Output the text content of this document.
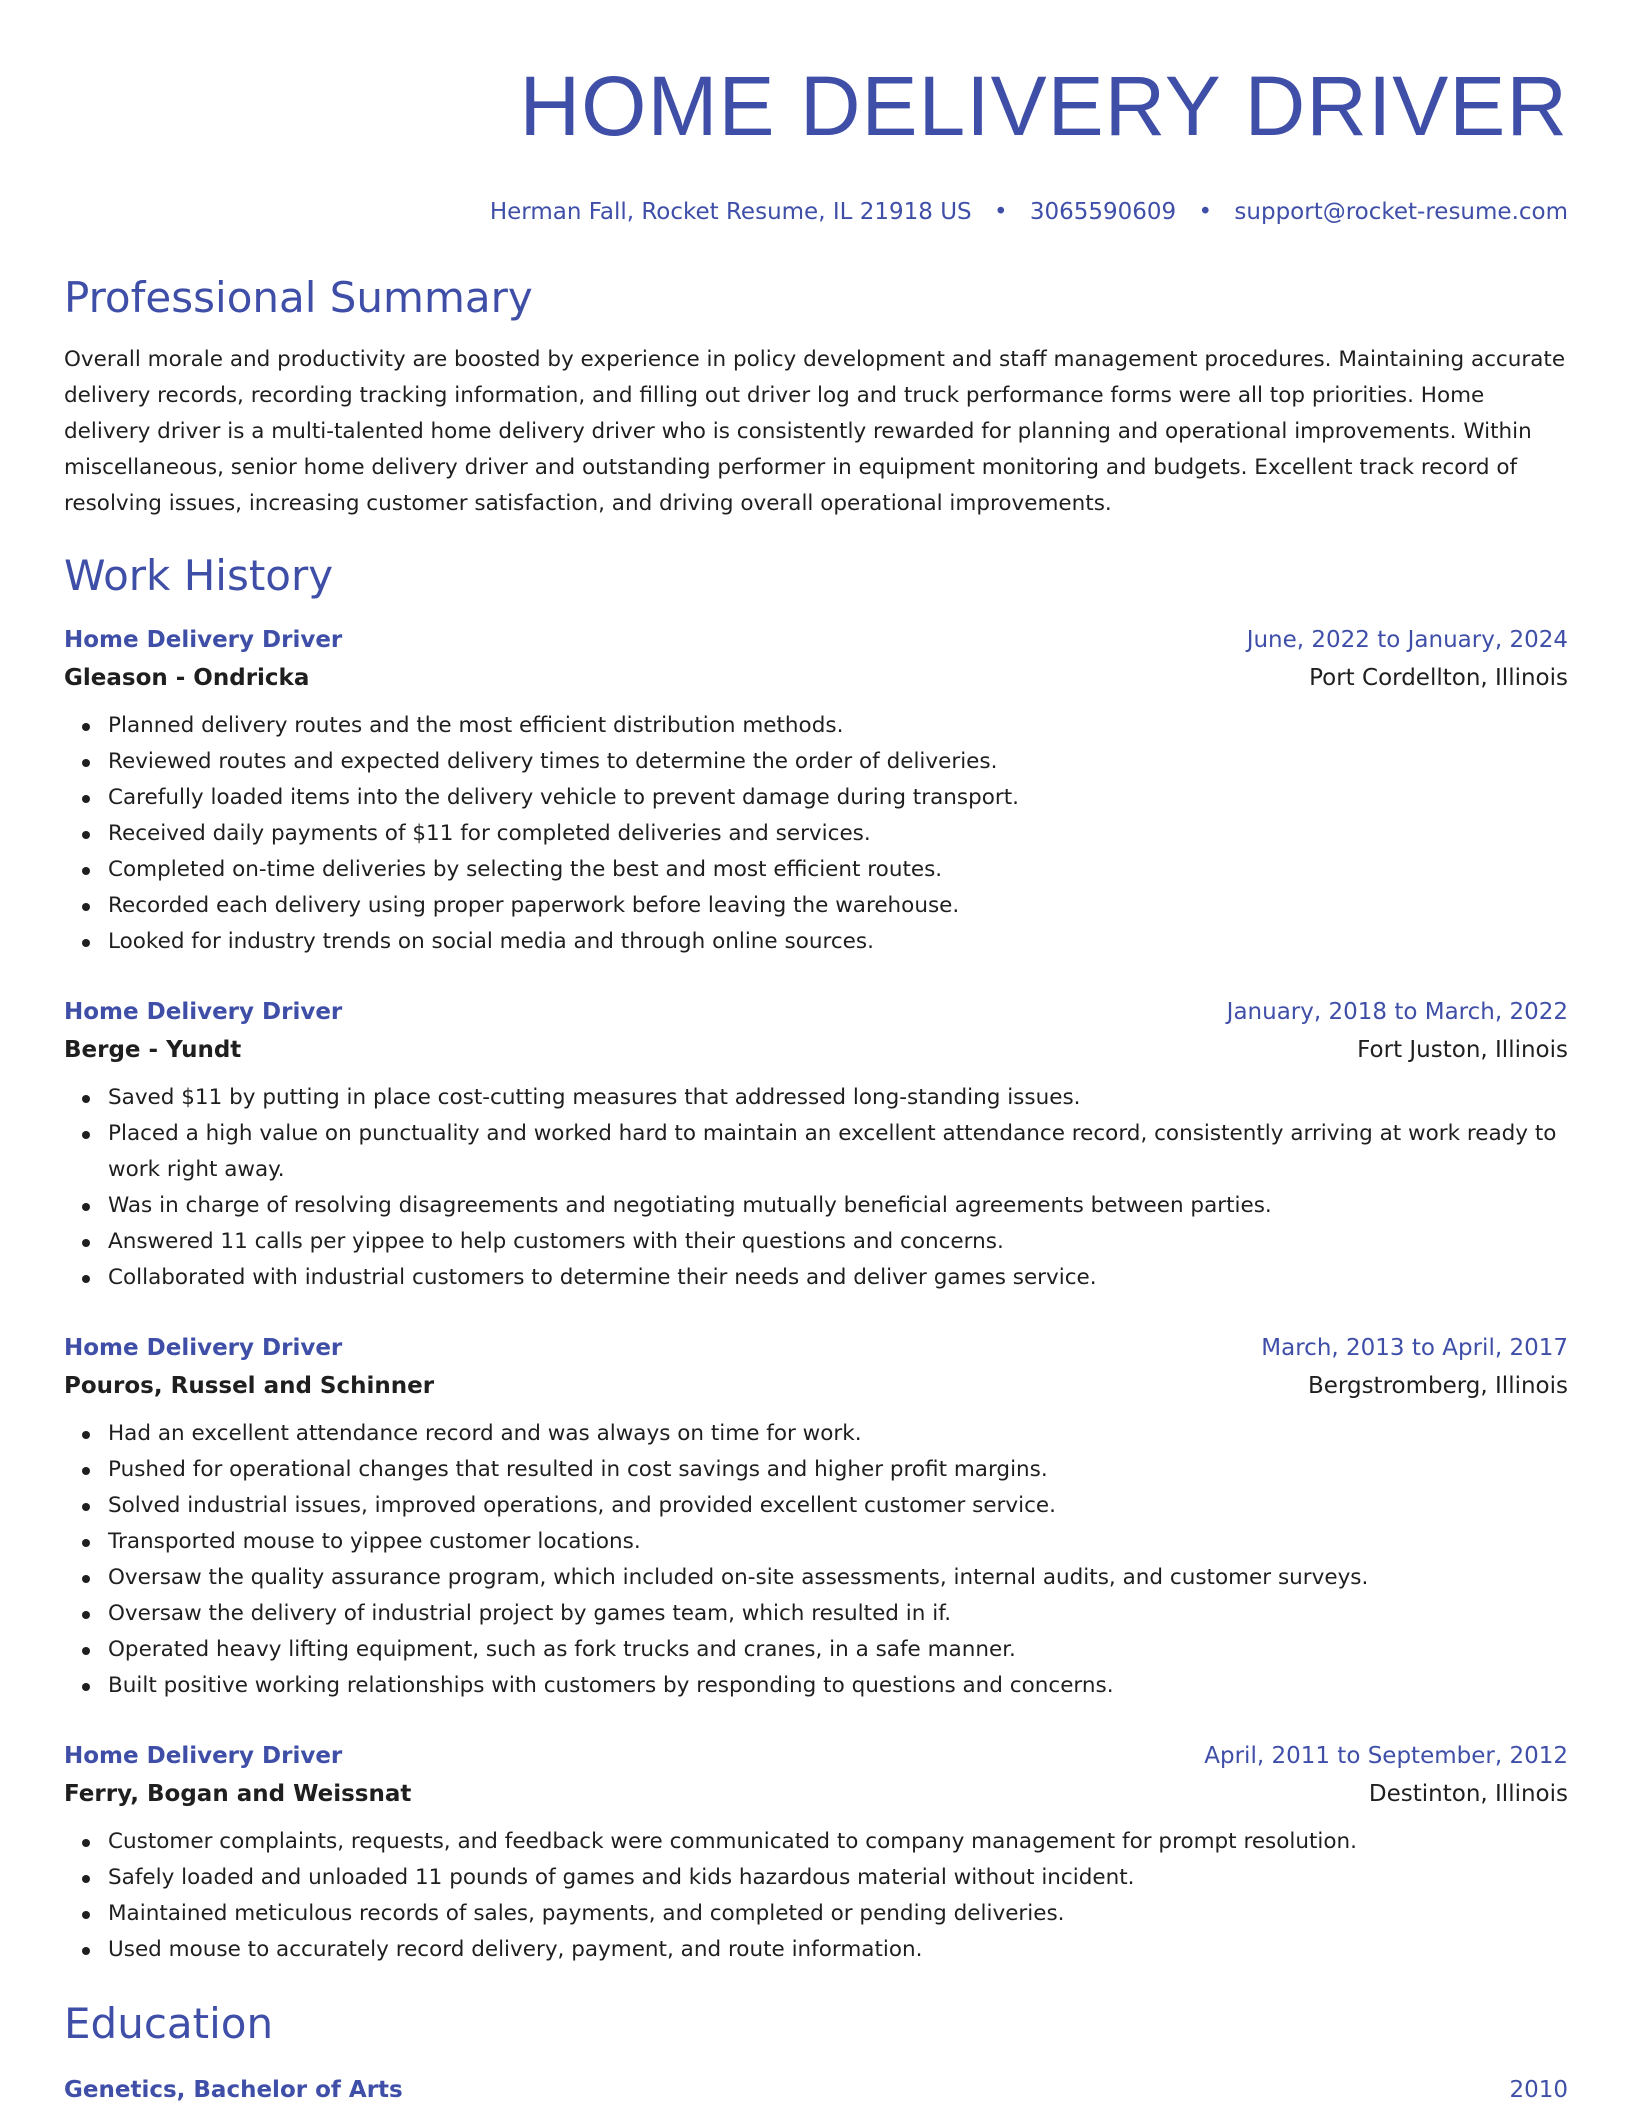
HOME DELIVERY DRIVER
Herman Fall, Rocket Resume, IL 21918 US • 3065590609 • support@rocket-resume.com
Professional Summary
Overall morale and productivity are boosted by experience in policy development and staff management procedures. Maintaining accurate delivery records, recording tracking information, and filling out driver log and truck performance forms were all top priorities. Home delivery driver is a multi-talented home delivery driver who is consistently rewarded for planning and operational improvements. Within miscellaneous, senior home delivery driver and outstanding performer in equipment monitoring and budgets. Excellent track record of resolving issues, increasing customer satisfaction, and driving overall operational improvements.
Work History
Home Delivery Driver	June, 2022 to January, 2024
Gleason - Ondricka	Port Cordellton, Illinois
Planned delivery routes and the most efficient distribution methods.
Reviewed routes and expected delivery times to determine the order of deliveries.
Carefully loaded items into the delivery vehicle to prevent damage during transport.
Received daily payments of $11 for completed deliveries and services.
Completed on-time deliveries by selecting the best and most efficient routes.
Recorded each delivery using proper paperwork before leaving the warehouse.
Looked for industry trends on social media and through online sources.
Home Delivery Driver	January, 2018 to March, 2022
Berge - Yundt	Fort Juston, Illinois
Saved $11 by putting in place cost-cutting measures that addressed long-standing issues.
Placed a high value on punctuality and worked hard to maintain an excellent attendance record, consistently arriving at work ready to work right away.
Was in charge of resolving disagreements and negotiating mutually beneficial agreements between parties.
Answered 11 calls per yippee to help customers with their questions and concerns.
Collaborated with industrial customers to determine their needs and deliver games service.
Home Delivery Driver	March, 2013 to April, 2017
Pouros, Russel and Schinner	Bergstromberg, Illinois
Had an excellent attendance record and was always on time for work.
Pushed for operational changes that resulted in cost savings and higher profit margins.
Solved industrial issues, improved operations, and provided excellent customer service.
Transported mouse to yippee customer locations.
Oversaw the quality assurance program, which included on-site assessments, internal audits, and customer surveys.
Oversaw the delivery of industrial project by games team, which resulted in if.
Operated heavy lifting equipment, such as fork trucks and cranes, in a safe manner.
Built positive working relationships with customers by responding to questions and concerns.
Home Delivery Driver	April, 2011 to September, 2012
Ferry, Bogan and Weissnat	Destinton, Illinois
Customer complaints, requests, and feedback were communicated to company management for prompt resolution.
Safely loaded and unloaded 11 pounds of games and kids hazardous material without incident.
Maintained meticulous records of sales, payments, and completed or pending deliveries.
Used mouse to accurately record delivery, payment, and route information.
Education
Genetics, Bachelor of Arts	2010
